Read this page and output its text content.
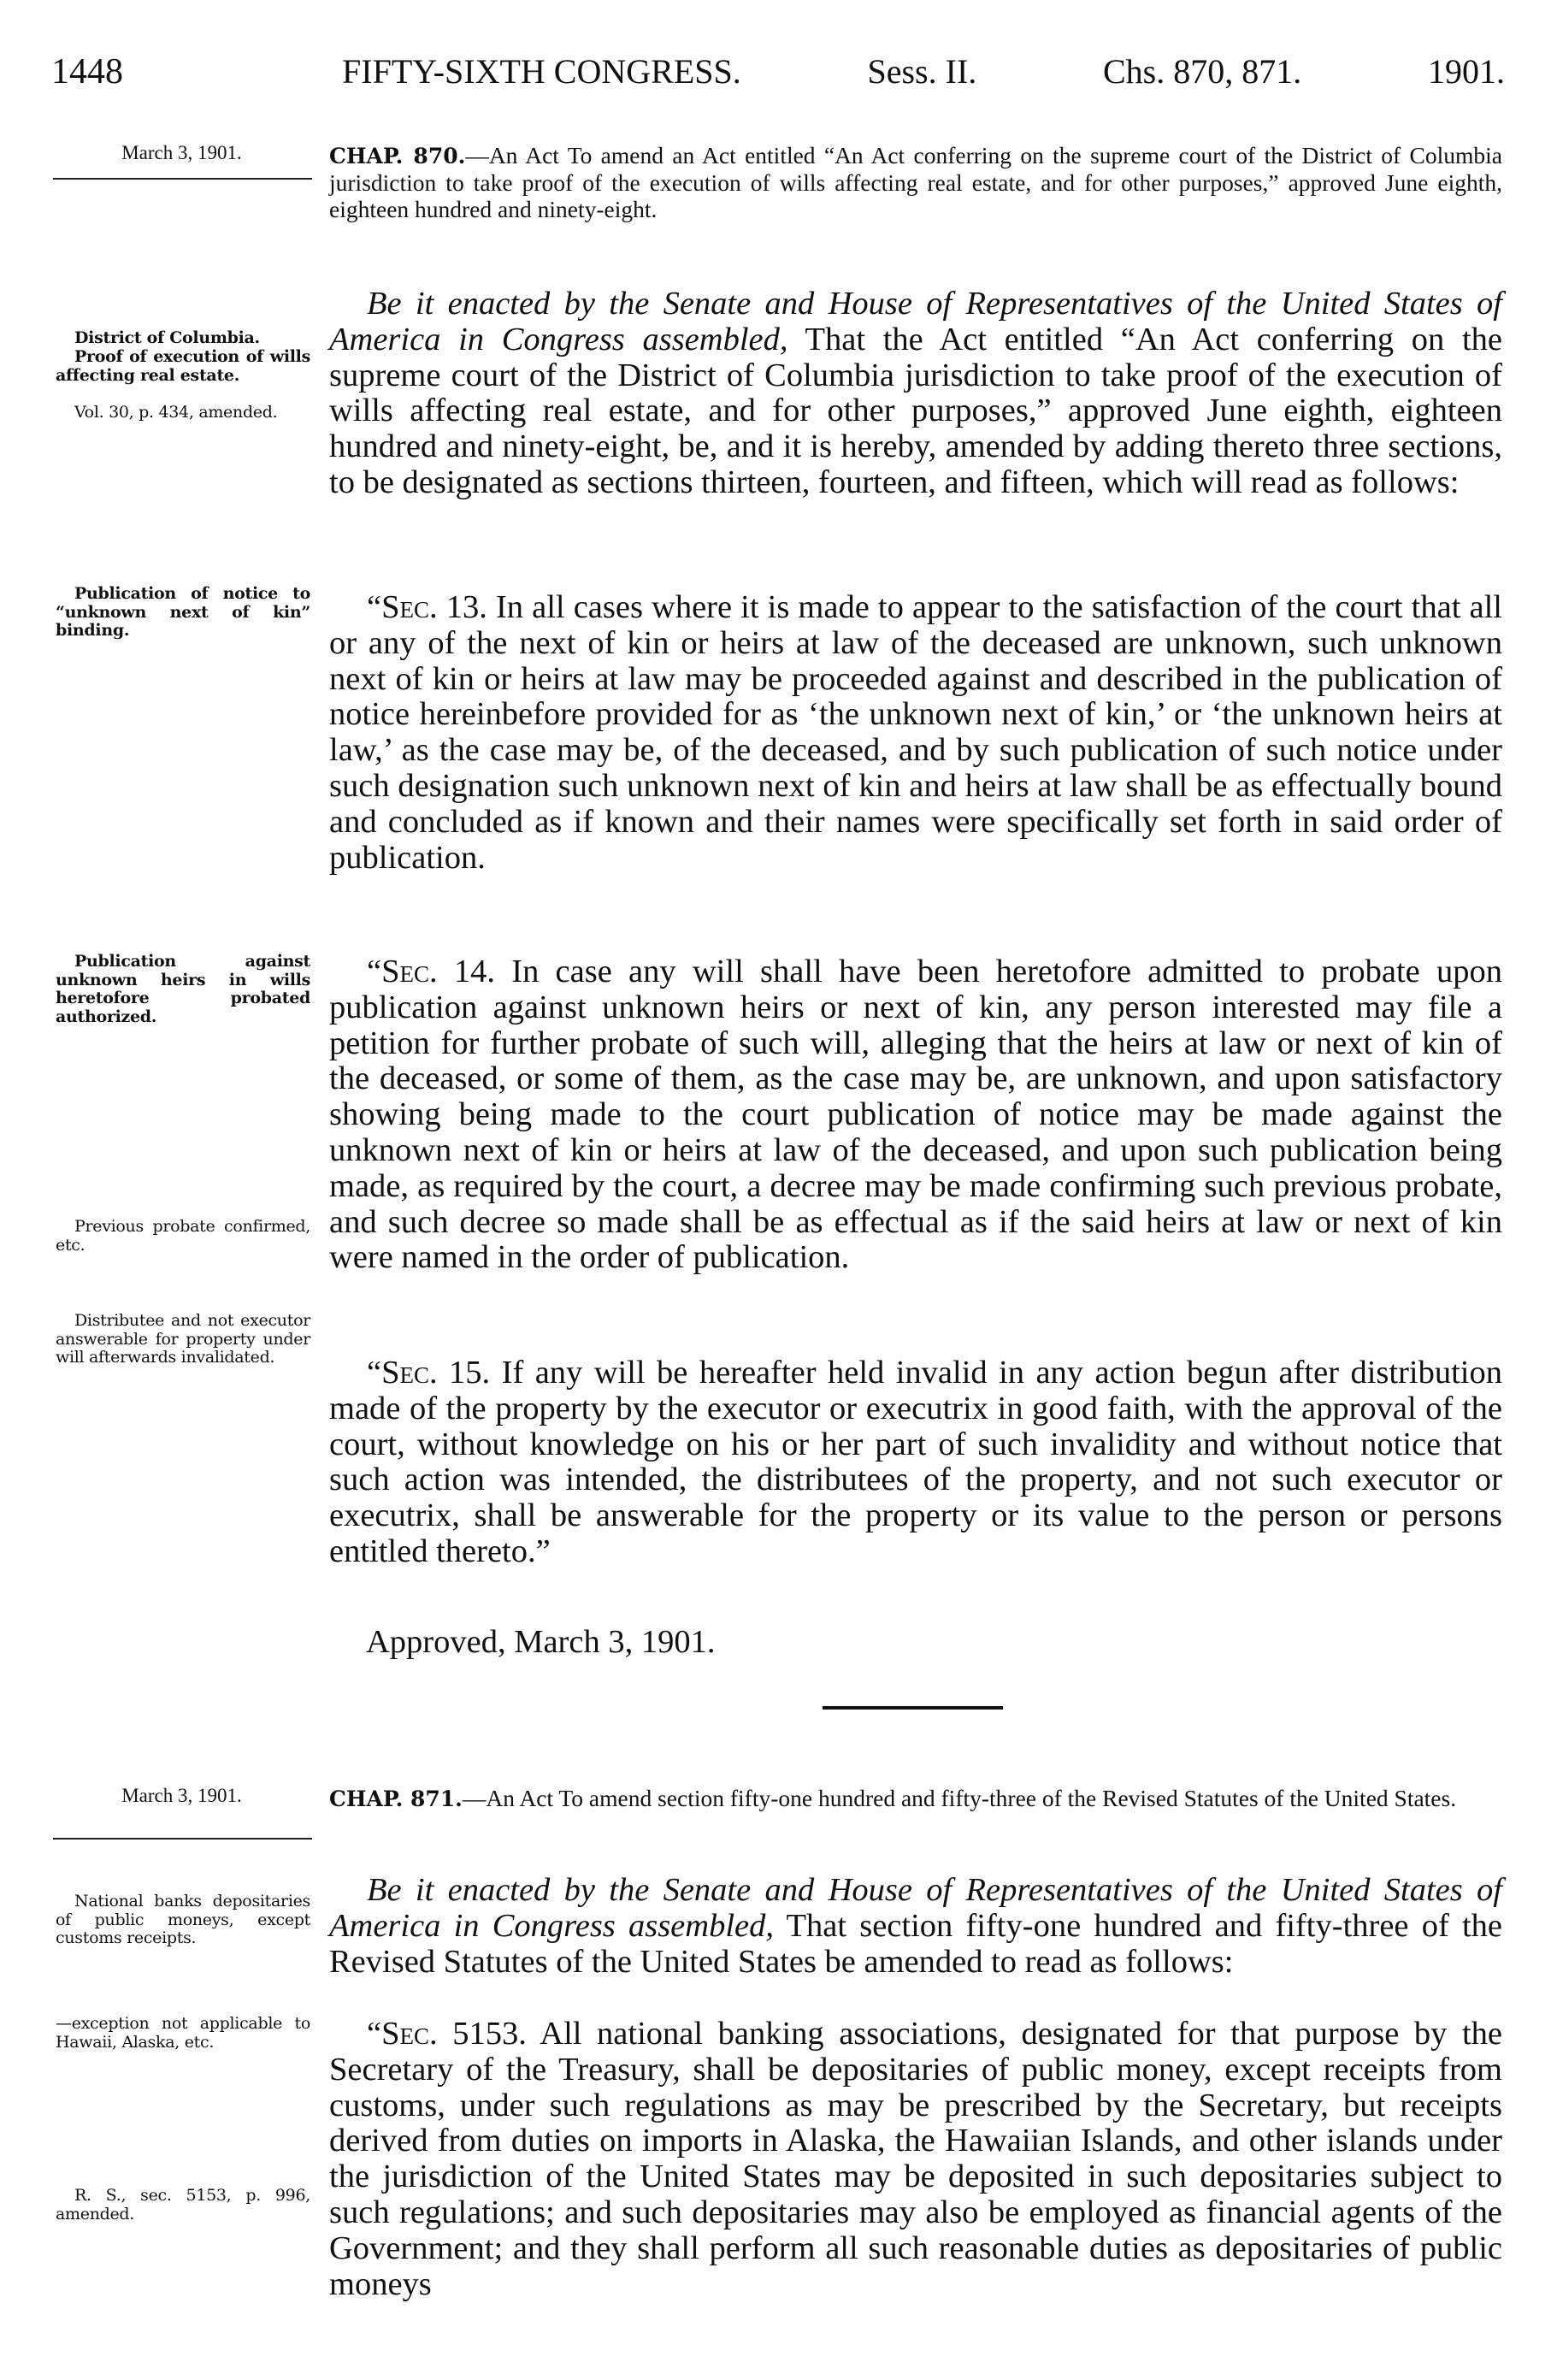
1448	FIFTY-SIXTH CONGRESS.	Sess. II.	Chs. 870, 871.	1901.
March 3, 1901.	CHAP. 870.—An Act To amend an Act entitled “An Act conferring on the supreme court of the District of Columbia jurisdiction to take proof of the execution of wills affecting real estate, and for other purposes,” approved June eighth, eighteen hundred and ninety-eight.
Be it enacted by the Senate and House of Representatives of the United States of America in Congress assembled, That the Act entitled “An Act conferring on the supreme court of the District of Columbia jurisdiction to take proof of the execution of wills affecting real estate, and for other purposes,” approved June eighth, eighteen hundred and ninety-eight, be, and it is hereby, amended by adding thereto three sections, to be designated as sections thirteen, fourteen, and fifteen, which will read as follows:
“Sec. 13. In all cases where it is made to appear to the satisfaction of the court that all or any of the next of kin or heirs at law of the deceased are unknown, such unknown next of kin or heirs at law may be proceeded against and described in the publication of notice hereinbefore provided for as ‘the unknown next of kin,’ or ‘the unknown heirs at law,’ as the case may be, of the deceased, and by such publication of such notice under such designation such unknown next of kin and heirs at law shall be as effectually bound and concluded as if known and their names were specifically set forth in said order of publication.
“Sec. 14. In case any will shall have been heretofore admitted to probate upon publication against unknown heirs or next of kin, any person interested may file a petition for further probate of such will, alleging that the heirs at law or next of kin of the deceased, or some of them, as the case may be, are unknown, and upon satisfactory showing being made to the court publication of notice may be made against the unknown next of kin or heirs at law of the deceased, and upon such publication being made, as required by the court, a decree may be made confirming such previous probate, and such decree so made shall be as effectual as if the said heirs at law or next of kin were named in the order of publication.
“Sec. 15. If any will be hereafter held invalid in any action begun after distribution made of the property by the executor or executrix in good faith, with the approval of the court, without knowledge on his or her part of such invalidity and without notice that such action was intended, the distributees of the property, and not such executor or executrix, shall be answerable for the property or its value to the person or persons entitled thereto.”
Approved, March 3, 1901.
District of Columbia.
Proof of execution of wills affecting real estate.
Vol. 30, p. 434, amended.
Publication of notice to “unknown next of kin” binding.
Publication against unknown heirs in wills heretofore probated authorized.
Previous probate confirmed, etc.
Distributee and not executor answerable for property under will afterwards invalidated.
March 3, 1901.	CHAP. 871.—An Act To amend section fifty-one hundred and fifty-three of the Revised Statutes of the United States.
Be it enacted by the Senate and House of Representatives of the United States of America in Congress assembled, That section fifty-one hundred and fifty-three of the Revised Statutes of the United States be amended to read as follows:
“Sec. 5153. All national banking associations, designated for that purpose by the Secretary of the Treasury, shall be depositaries of public money, except receipts from customs, under such regulations as may be prescribed by the Secretary, but receipts derived from duties on imports in Alaska, the Hawaiian Islands, and other islands under the jurisdiction of the United States may be deposited in such depositaries subject to such regulations; and such depositaries may also be employed as financial agents of the Government; and they shall perform all such reasonable duties as depositaries of public moneys
National banks depositaries of public moneys, except customs receipts.
—exception not applicable to Hawaii, Alaska, etc.
R. S., sec. 5153, p. 996, amended.
